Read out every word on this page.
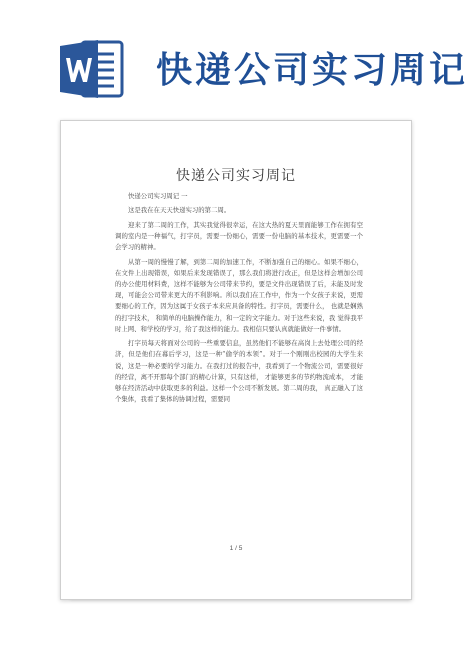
快递公司实习周记
快递公司实习周记

快递公司实习周记 一

这是我在在天天快递实习的第二周。

迎来了第二周的工作，其实我觉得很幸运，在这大热的夏天里面能够工作在拥有空调的室内是一种福气，打字员，需要一份细心，需要一份电脑的基本技术，更需要一个会学习的精神。

从第一周的慢慢了解，到第二周的加速工作，不断加强自己的细心。如果不细心，在文件上出现错误，如果后来发现错误了，那么我们将进行改正，但是这样会增加公司的办公使用材料费，这样不能够为公司带来节约，要是文件出现错误了后，未能及时发现，可能会公司带来更大的不利影响。所以我们在工作中，作为一个女孩子来说，更需要细心的工作，因为这属于女孩子本来应具备的特性。打字员，需要什么， 也就是娴熟的打字技术， 和简单的电脑操作能力，和一定的文字能力。对于这些来说，我 觉得我平时上网、和学校的学习，给了我这样的能力。我相信只要认真就能做好一件事情。

打字员每天将面对公司的一些重要信息，虽然他们不能够在高岗上去处理公司的经济，但是他们在幕后学习，这是一种“偷学的本领”。对于一个刚刚出校园的大学生来说，这是一种必要的学习能力。在我打过的报告中，我看到了一个物流公司，需要很好的经营，离不开那每个部门的精心计算，只有这样， 才能够更多的节约物流成本， 才能够在经济活动中获取更多的利益。这样一个公司不断发展。第二周的我， 真正融入了这个集体，我看了集体的协调过程，需要同

1 / 5
